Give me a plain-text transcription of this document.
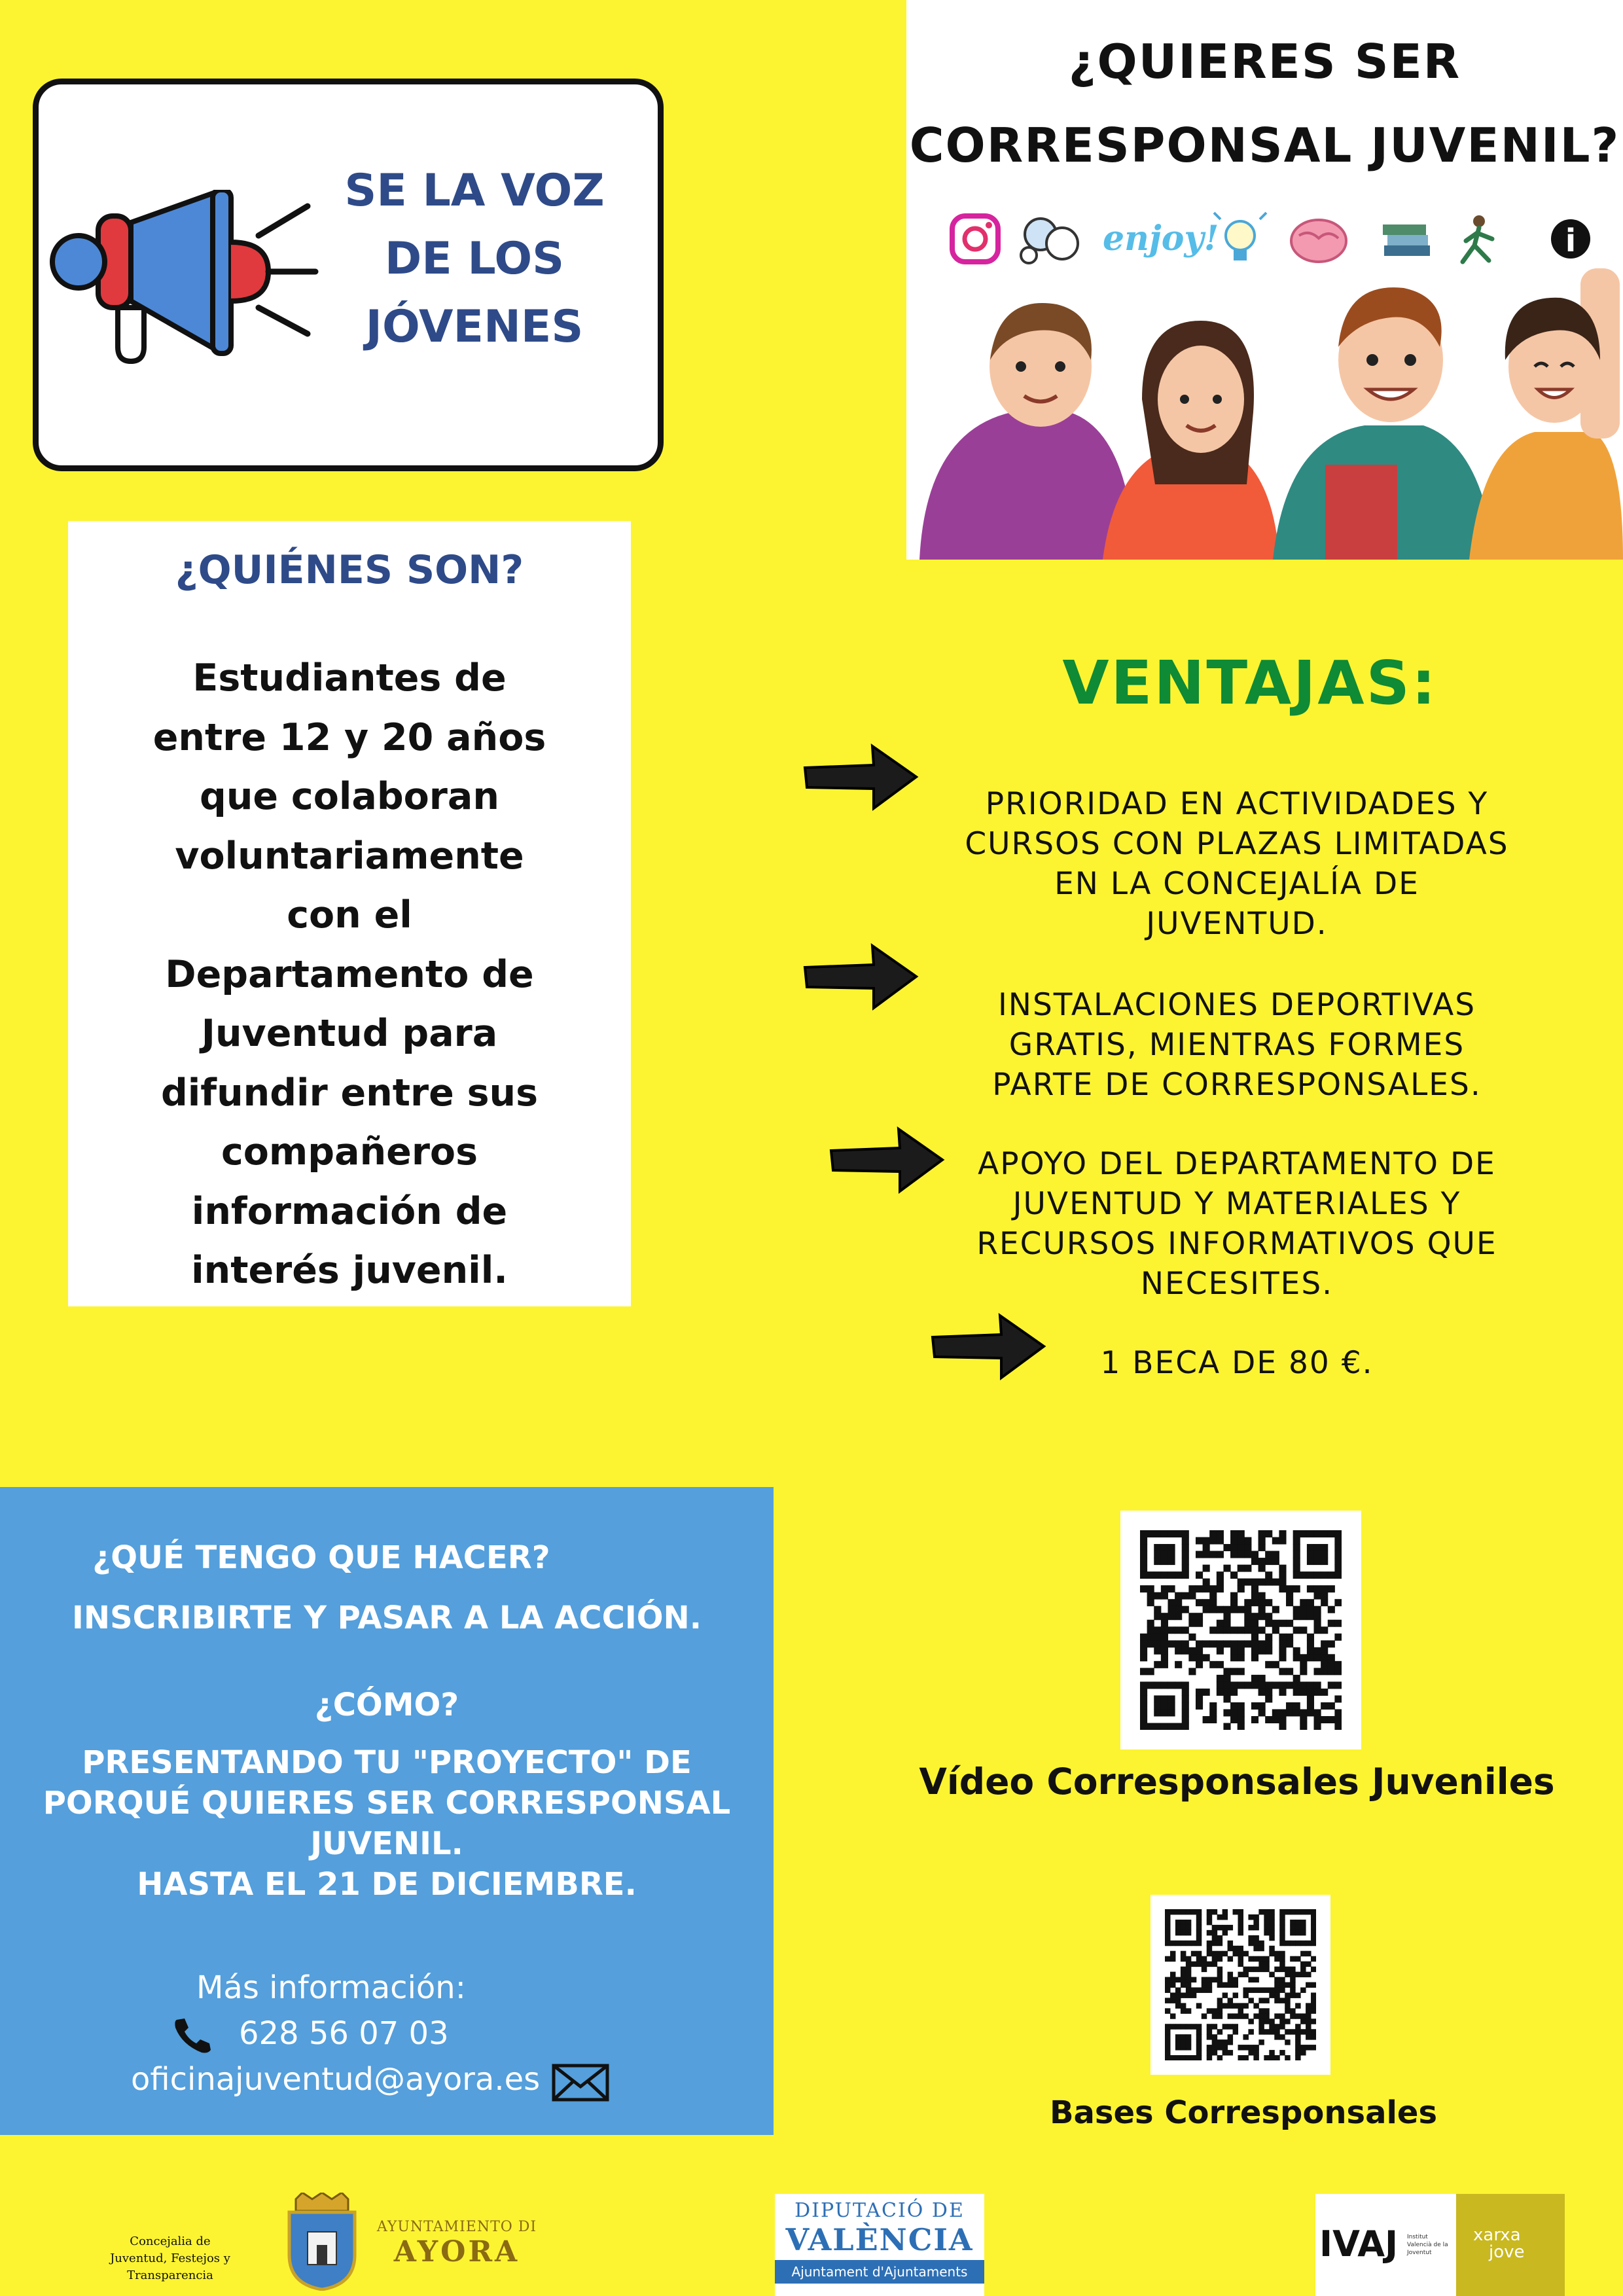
SE LA VOZ
DE LOS
JÓVENES
¿QUIERES SER
CORRESPONSAL JUVENIL?
enjoy!	i
¿QUIÉNES SON?
Estudiantes de
entre 12 y 20 años
que colaboran
voluntariamente
con el
Departamento de
Juventud para
difundir entre sus
compañeros
información de
interés juvenil.
VENTAJAS:
PRIORIDAD EN ACTIVIDADES Y
CURSOS CON PLAZAS LIMITADAS
EN LA CONCEJALÍA DE
JUVENTUD.
INSTALACIONES DEPORTIVAS
GRATIS, MIENTRAS FORMES
PARTE DE CORRESPONSALES.
APOYO DEL DEPARTAMENTO DE
JUVENTUD Y MATERIALES Y
RECURSOS INFORMATIVOS QUE
NECESITES.
1 BECA DE 80 €.
¿QUÉ TENGO QUE HACER?
INSCRIBIRTE Y PASAR A LA ACCIÓN.
¿CÓMO?
PRESENTANDO TU "PROYECTO" DE
PORQUÉ QUIERES SER CORRESPONSAL
JUVENIL.
HASTA EL 21 DE DICIEMBRE.
Más información:
628 56 07 03
oficinajuventud@ayora.es
Vídeo Corresponsales Juveniles
Bases Corresponsales
Concejalia de
Juventud, Festejos y Transparencia
AYUNTAMIENTO DI
AYORA
DIPUTACIÓ DE
VALÈNCIA
Ajuntament d'Ajuntaments
IVAJ Institut Valencià de la Joventut
xarxa
jove
